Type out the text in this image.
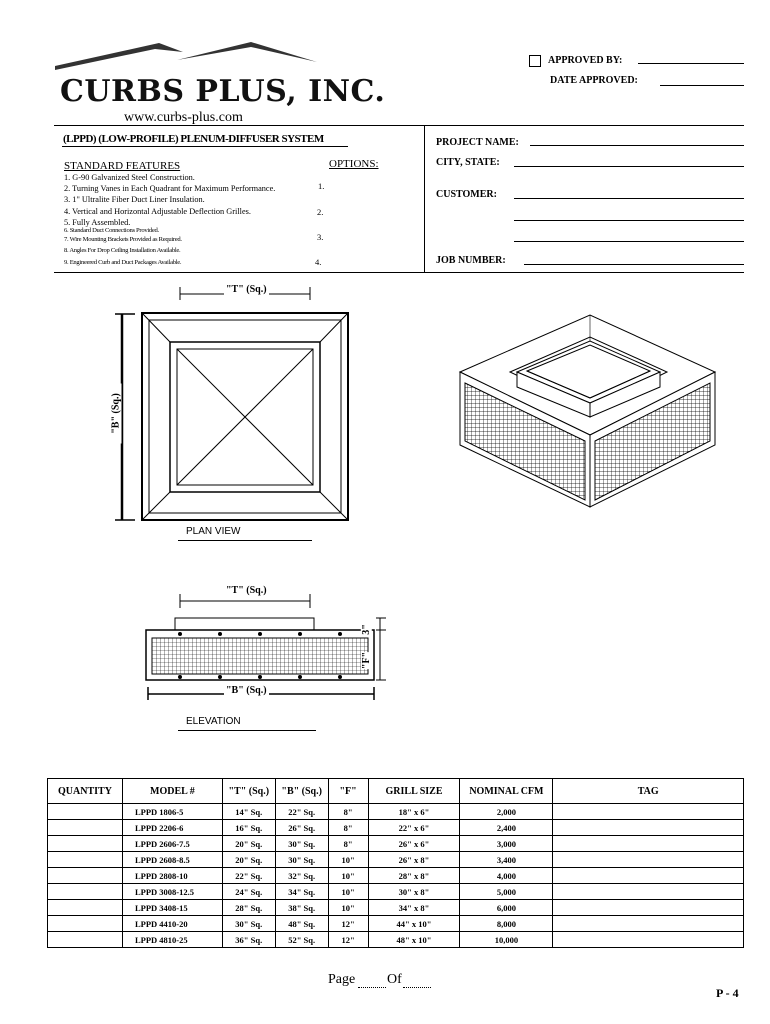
CURBS PLUS, INC.
www.curbs-plus.com
APPROVED BY:
DATE APPROVED:
(LPPD) (LOW-PROFILE) PLENUM-DIFFUSER SYSTEM
STANDARD FEATURES	OPTIONS:
1. G-90 Galvanized Steel Construction.
2. Turning Vanes in Each Quadrant for Maximum Performance.
3. 1" Ultralite Fiber Duct Liner Insulation.
4. Vertical and Horizontal Adjustable Deflection Grilles.
5. Fully Assembled.
6. Standard Duct Connections Provided.
7. Wire Mounting Brackets Provided as Required.
8. Angles For Drop Ceiling Installation Available.
9. Engineered Curb and Duct Packages Available.
1.
2.
3.
4.
PROJECT NAME:
CITY, STATE:
CUSTOMER:
JOB NUMBER:
"T" (Sq.)
"B" (Sq.)
PLAN VIEW
"T" (Sq.)
"B" (Sq.)
3"
"F"
ELEVATION
QUANTITY	MODEL #	"T" (Sq.)	"B" (Sq.)	"F"	GRILL SIZE	NOMINAL CFM	TAG
	LPPD 1806-5	14" Sq.	22" Sq.	8"	18" x 6"	2,000	
	LPPD 2206-6	16" Sq.	26" Sq.	8"	22" x 6"	2,400	
	LPPD 2606-7.5	20" Sq.	30" Sq.	8"	26" x 6"	3,000	
	LPPD 2608-8.5	20" Sq.	30" Sq.	10"	26" x 8"	3,400	
	LPPD 2808-10	22" Sq.	32" Sq.	10"	28" x 8"	4,000	
	LPPD 3008-12.5	24" Sq.	34" Sq.	10"	30" x 8"	5,000	
	LPPD 3408-15	28" Sq.	38" Sq.	10"	34" x 8"	6,000	
	LPPD 4410-20	30" Sq.	48" Sq.	12"	44" x 10"	8,000	
	LPPD 4810-25	36" Sq.	52" Sq.	12"	48" x 10"	10,000	
Page Of
P - 4
